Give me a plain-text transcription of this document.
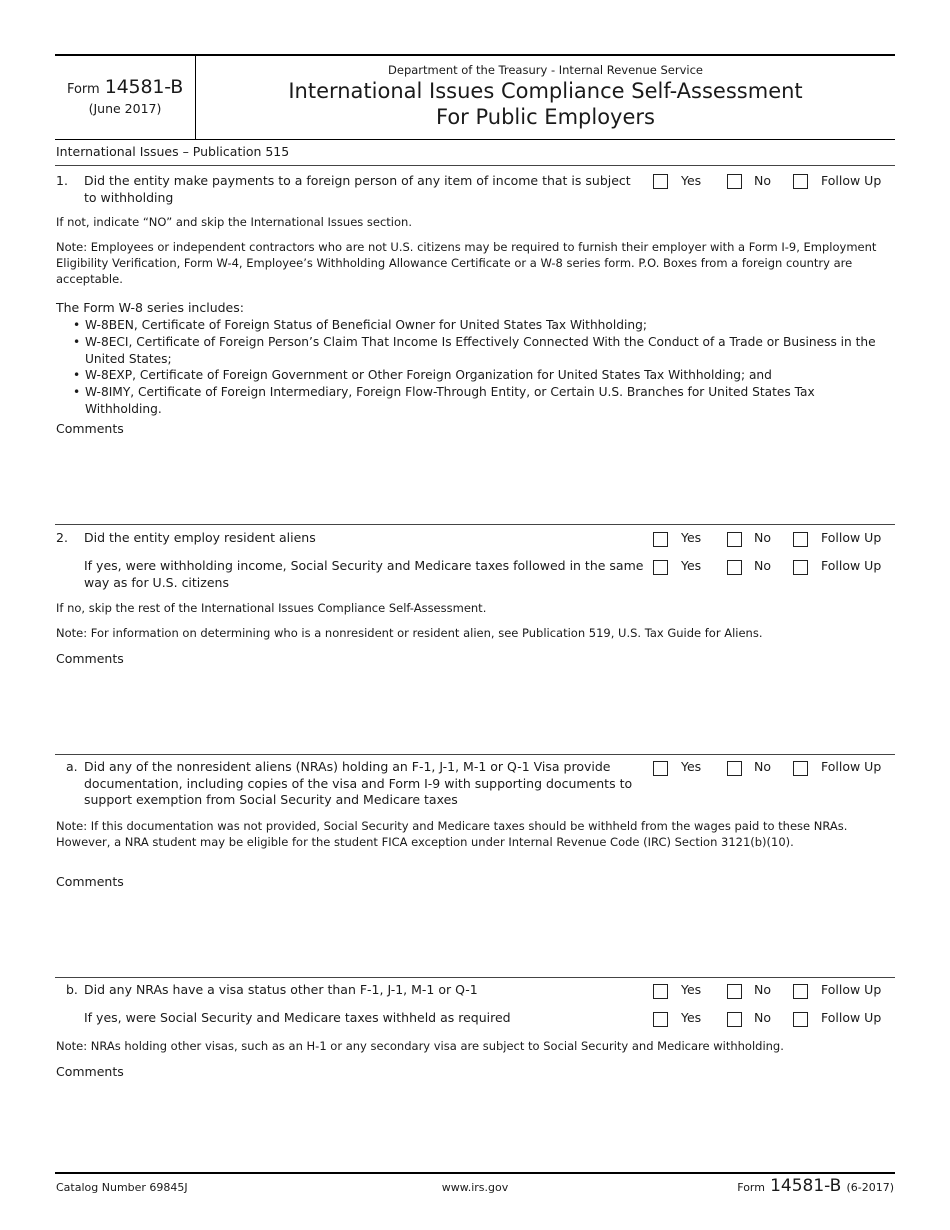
Form 14581-B
(June 2017)
Department of the Treasury - Internal Revenue Service
International Issues Compliance Self-Assessment
For Public Employers
International Issues – Publication 515
1. Did the entity make payments to a foreign person of any item of income that is subject to withholding
Yes	No	Follow Up
If not, indicate “NO” and skip the International Issues section.
Note: Employees or independent contractors who are not U.S. citizens may be required to furnish their employer with a Form I-9, Employment Eligibility Verification, Form W-4, Employee’s Withholding Allowance Certificate or a W-8 series form. P.O. Boxes from a foreign country are acceptable.
The Form W-8 series includes:
• W-8BEN, Certificate of Foreign Status of Beneficial Owner for United States Tax Withholding;
• W-8ECI, Certificate of Foreign Person’s Claim That Income Is Effectively Connected With the Conduct of a Trade or Business in the United States;
• W-8EXP, Certificate of Foreign Government or Other Foreign Organization for United States Tax Withholding; and
• W-8IMY, Certificate of Foreign Intermediary, Foreign Flow-Through Entity, or Certain U.S. Branches for United States Tax Withholding.
Comments
2. Did the entity employ resident aliens	Yes	No	Follow Up
If yes, were withholding income, Social Security and Medicare taxes followed in the same way as for U.S. citizens
Yes	No	Follow Up
If no, skip the rest of the International Issues Compliance Self-Assessment.
Note: For information on determining who is a nonresident or resident alien, see Publication 519, U.S. Tax Guide for Aliens.
Comments
a. Did any of the nonresident aliens (NRAs) holding an F-1, J-1, M-1 or Q-1 Visa provide documentation, including copies of the visa and Form I-9 with supporting documents to support exemption from Social Security and Medicare taxes
Yes	No	Follow Up
Note: If this documentation was not provided, Social Security and Medicare taxes should be withheld from the wages paid to these NRAs. However, a NRA student may be eligible for the student FICA exception under Internal Revenue Code (IRC) Section 3121(b)(10).
Comments
b. Did any NRAs have a visa status other than F-1, J-1, M-1 or Q-1	Yes	No	Follow Up
If yes, were Social Security and Medicare taxes withheld as required	Yes	No	Follow Up
Note: NRAs holding other visas, such as an H-1 or any secondary visa are subject to Social Security and Medicare withholding.
Comments
Catalog Number 69845J	www.irs.gov	Form 14581-B (6-2017)
